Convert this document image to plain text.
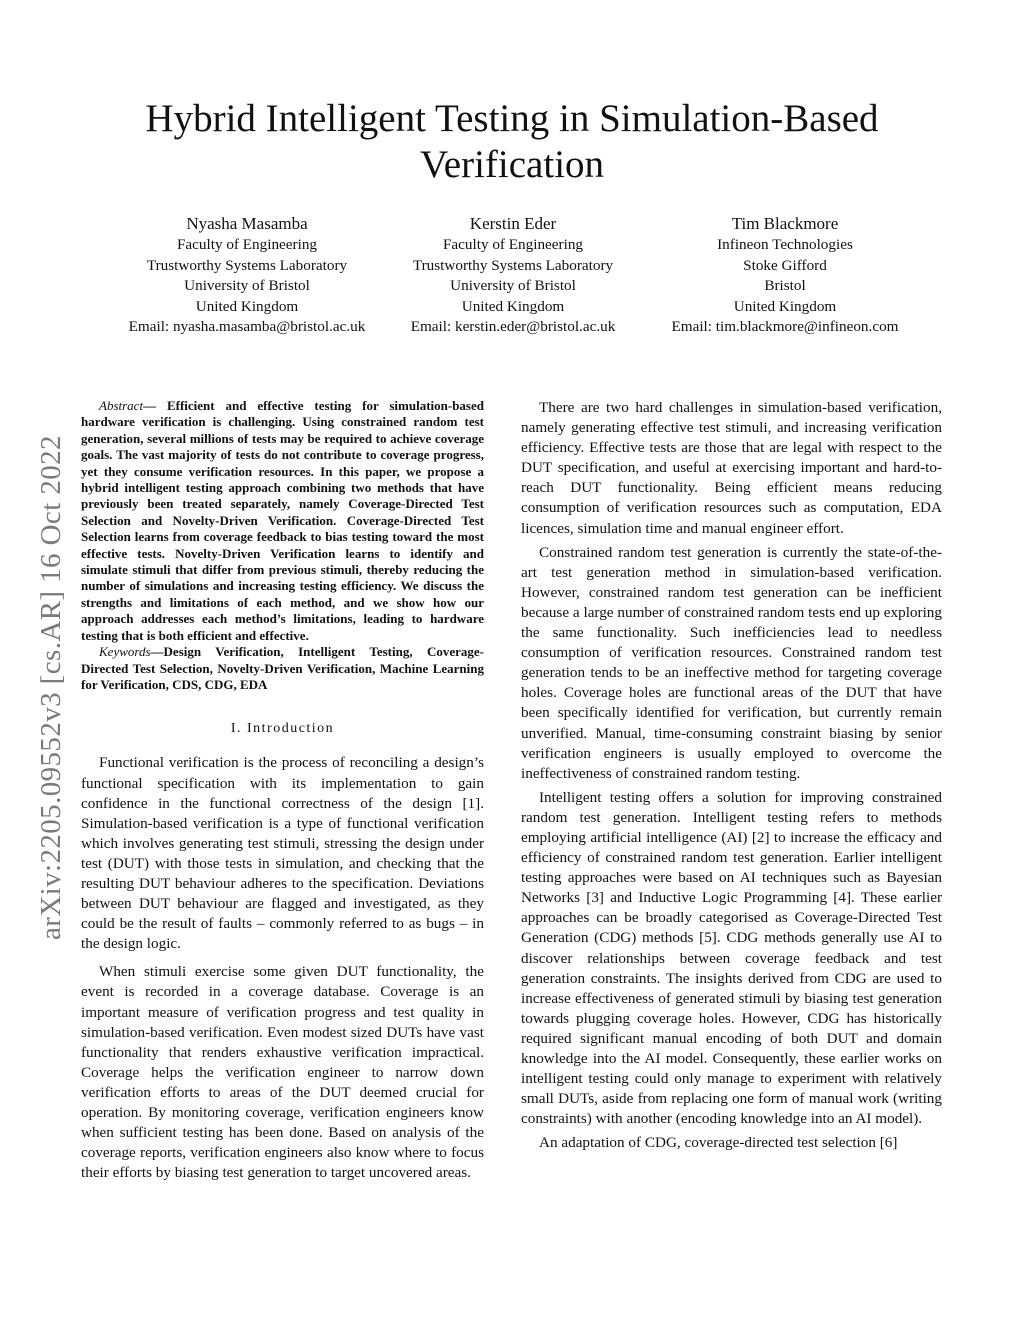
Hybrid Intelligent Testing in Simulation-Based Verification
Nyasha Masamba
Faculty of Engineering
Trustworthy Systems Laboratory
University of Bristol
United Kingdom
Email: nyasha.masamba@bristol.ac.uk
Kerstin Eder
Faculty of Engineering
Trustworthy Systems Laboratory
University of Bristol
United Kingdom
Email: kerstin.eder@bristol.ac.uk
Tim Blackmore
Infineon Technologies
Stoke Gifford
Bristol
United Kingdom
Email: tim.blackmore@infineon.com
arXiv:2205.09552v3 [cs.AR] 16 Oct 2022

Abstract— Efficient and effective testing for simulation-based hardware verification is challenging. Using constrained random test generation, several millions of tests may be required to achieve coverage goals. The vast majority of tests do not contribute to coverage progress, yet they consume verification resources. In this paper, we propose a hybrid intelligent testing approach combining two methods that have previously been treated separately, namely Coverage-Directed Test Selection and Novelty-Driven Verification. Coverage-Directed Test Selection learns from coverage feedback to bias testing toward the most effective tests. Novelty-Driven Verification learns to identify and simulate stimuli that differ from previous stimuli, thereby reducing the number of simulations and increasing testing efficiency. We discuss the strengths and limitations of each method, and we show how our approach addresses each method’s limitations, leading to hardware testing that is both efficient and effective.

Keywords—Design Verification, Intelligent Testing, Coverage-Directed Test Selection, Novelty-Driven Verification, Machine Learning for Verification, CDS, CDG, EDA

I. Introduction

Functional verification is the process of reconciling a design’s functional specification with its implementation to gain confidence in the functional correctness of the design [1]. Simulation-based verification is a type of functional verification which involves generating test stimuli, stressing the design under test (DUT) with those tests in simulation, and checking that the resulting DUT behaviour adheres to the specification. Deviations between DUT behaviour are flagged and investigated, as they could be the result of faults – commonly referred to as bugs – in the design logic.

When stimuli exercise some given DUT functionality, the event is recorded in a coverage database. Coverage is an important measure of verification progress and test quality in simulation-based verification. Even modest sized DUTs have vast functionality that renders exhaustive verification impractical. Coverage helps the verification engineer to narrow down verification efforts to areas of the DUT deemed crucial for operation. By monitoring coverage, verification engineers know when sufficient testing has been done. Based on analysis of the coverage reports, verification engineers also know where to focus their efforts by biasing test generation to target uncovered areas.

There are two hard challenges in simulation-based verification, namely generating effective test stimuli, and increasing verification efficiency. Effective tests are those that are legal with respect to the DUT specification, and useful at exercising important and hard-to-reach DUT functionality. Being efficient means reducing consumption of verification resources such as computation, EDA licences, simulation time and manual engineer effort.

Constrained random test generation is currently the state-of-the-art test generation method in simulation-based verification. However, constrained random test generation can be inefficient because a large number of constrained random tests end up exploring the same functionality. Such inefficiencies lead to needless consumption of verification resources. Constrained random test generation tends to be an ineffective method for targeting coverage holes. Coverage holes are functional areas of the DUT that have been specifically identified for verification, but currently remain unverified. Manual, time-consuming constraint biasing by senior verification engineers is usually employed to overcome the ineffectiveness of constrained random testing.

Intelligent testing offers a solution for improving constrained random test generation. Intelligent testing refers to methods employing artificial intelligence (AI) [2] to increase the efficacy and efficiency of constrained random test generation. Earlier intelligent testing approaches were based on AI techniques such as Bayesian Networks [3] and Inductive Logic Programming [4]. These earlier approaches can be broadly categorised as Coverage-Directed Test Generation (CDG) methods [5]. CDG methods generally use AI to discover relationships between coverage feedback and test generation constraints. The insights derived from CDG are used to increase effectiveness of generated stimuli by biasing test generation towards plugging coverage holes. However, CDG has historically required significant manual encoding of both DUT and domain knowledge into the AI model. Consequently, these earlier works on intelligent testing could only manage to experiment with relatively small DUTs, aside from replacing one form of manual work (writing constraints) with another (encoding knowledge into an AI model).

An adaptation of CDG, coverage-directed test selection [6]
